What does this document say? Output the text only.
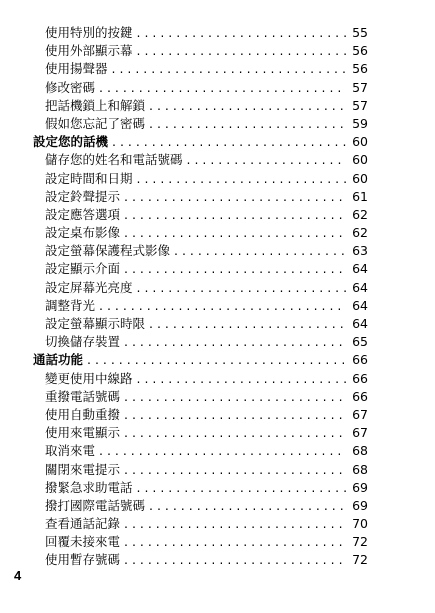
使用特別的按鍵 . . .	55
使用外部顯示幕 . . .	56
使用揚聲器 . . .	56
修改密碼 . . .	57
把話機鎖上和解鎖 . . .	57
假如您忘記了密碼 . . .	59
設定您的話機 . . .	60
儲存您的姓名和電話號碼 . . .	60
設定時間和日期 . . .	60
設定鈴聲提示 . . .	61
設定應答選項 . . .	62
設定桌布影像 . . .	62
設定螢幕保護程式影像 . . .	63
設定顯示介面 . . .	64
設定屏幕光亮度 . . .	64
調整背光 . . .	64
設定螢幕顯示時限 . . .	64
切換儲存裝置 . . .	65
通話功能 . . .	66
變更使用中線路 . . .	66
重撥電話號碼 . . .	66
使用自動重撥 . . .	67
使用來電顯示 . . .	67
取消來電 . . .	68
關閉來電提示 . . .	68
撥緊急求助電話 . . .	69
撥打國際電話號碼 . . .	69
查看通話記錄 . . .	70
回覆未接來電 . . .	72
使用暫存號碼 . . .	72
4
